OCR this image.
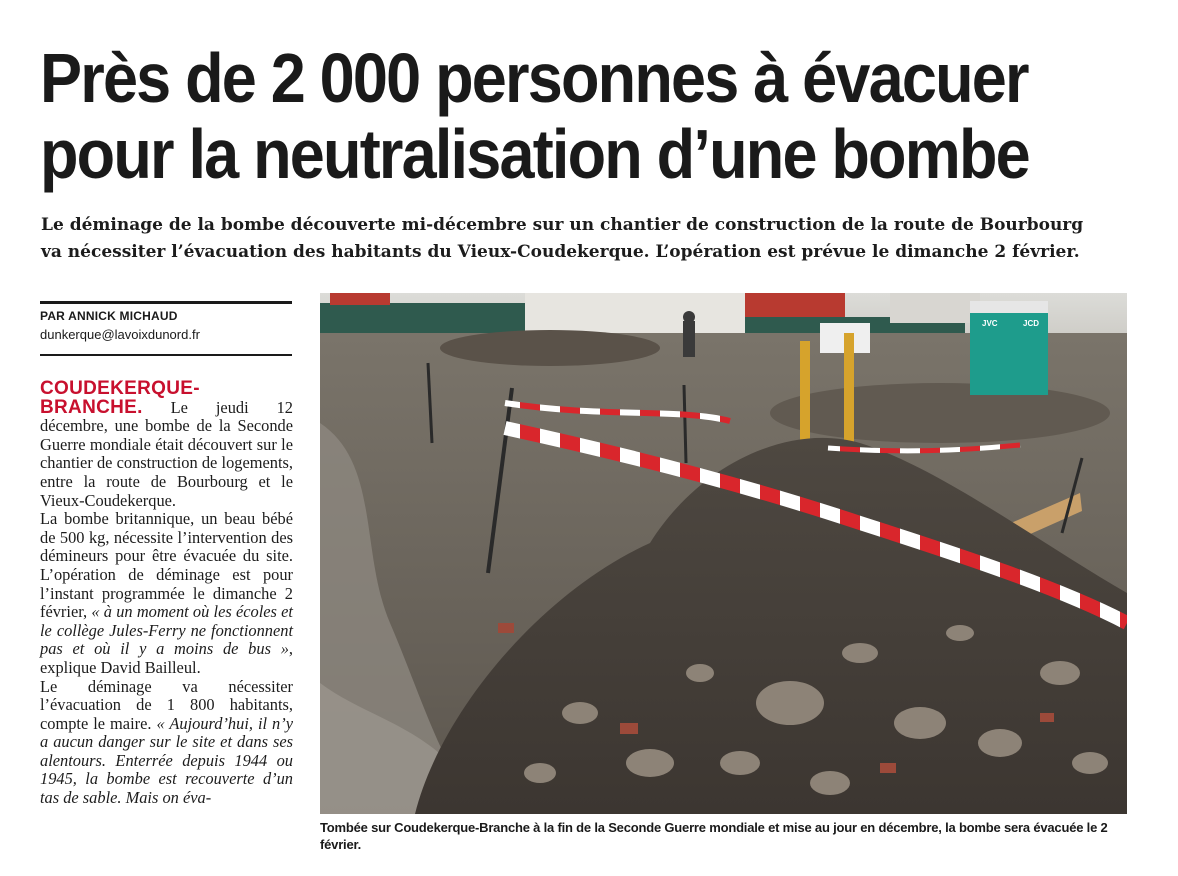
Près de 2 000 personnes à évacuer
pour la neutralisation d’une bombe
Le déminage de la bombe découverte mi-décembre sur un chantier de construction de la route de Bourbourg
va nécessiter l’évacuation des habitants du Vieux-Coudekerque. L’opération est prévue le dimanche 2 février.
PAR ANNICK MICHAUD
dunkerque@lavoixdunord.fr

COUDEKERQUE-BRANCHE. Le jeudi 12 décembre, une bombe de la Seconde Guerre mondiale était découvert sur le chantier de construction de logements, entre la route de Bourbourg et le Vieux-Coudekerque.

La bombe britannique, un beau bébé de 500 kg, nécessite l’intervention des démineurs pour être évacuée du site. L’opération de déminage est pour l’instant programmée le dimanche 2 février, « à un moment où les écoles et le collège Jules-Ferry ne fonctionnent pas et où il y a moins de bus », explique David Bailleul.

Le déminage va nécessiter l’évacuation de 1 800 habitants, compte le maire. « Aujourd’hui, il n’y a aucun danger sur le site et dans ses alentours. Enterrée depuis 1944 ou 1945, la bombe est recouverte d’un tas de sable. Mais on éva-

JVC	JCD

Tombée sur Coudekerque-Branche à la fin de la Seconde Guerre mondiale et mise au jour en décembre, la bombe sera évacuée le 2 février.
